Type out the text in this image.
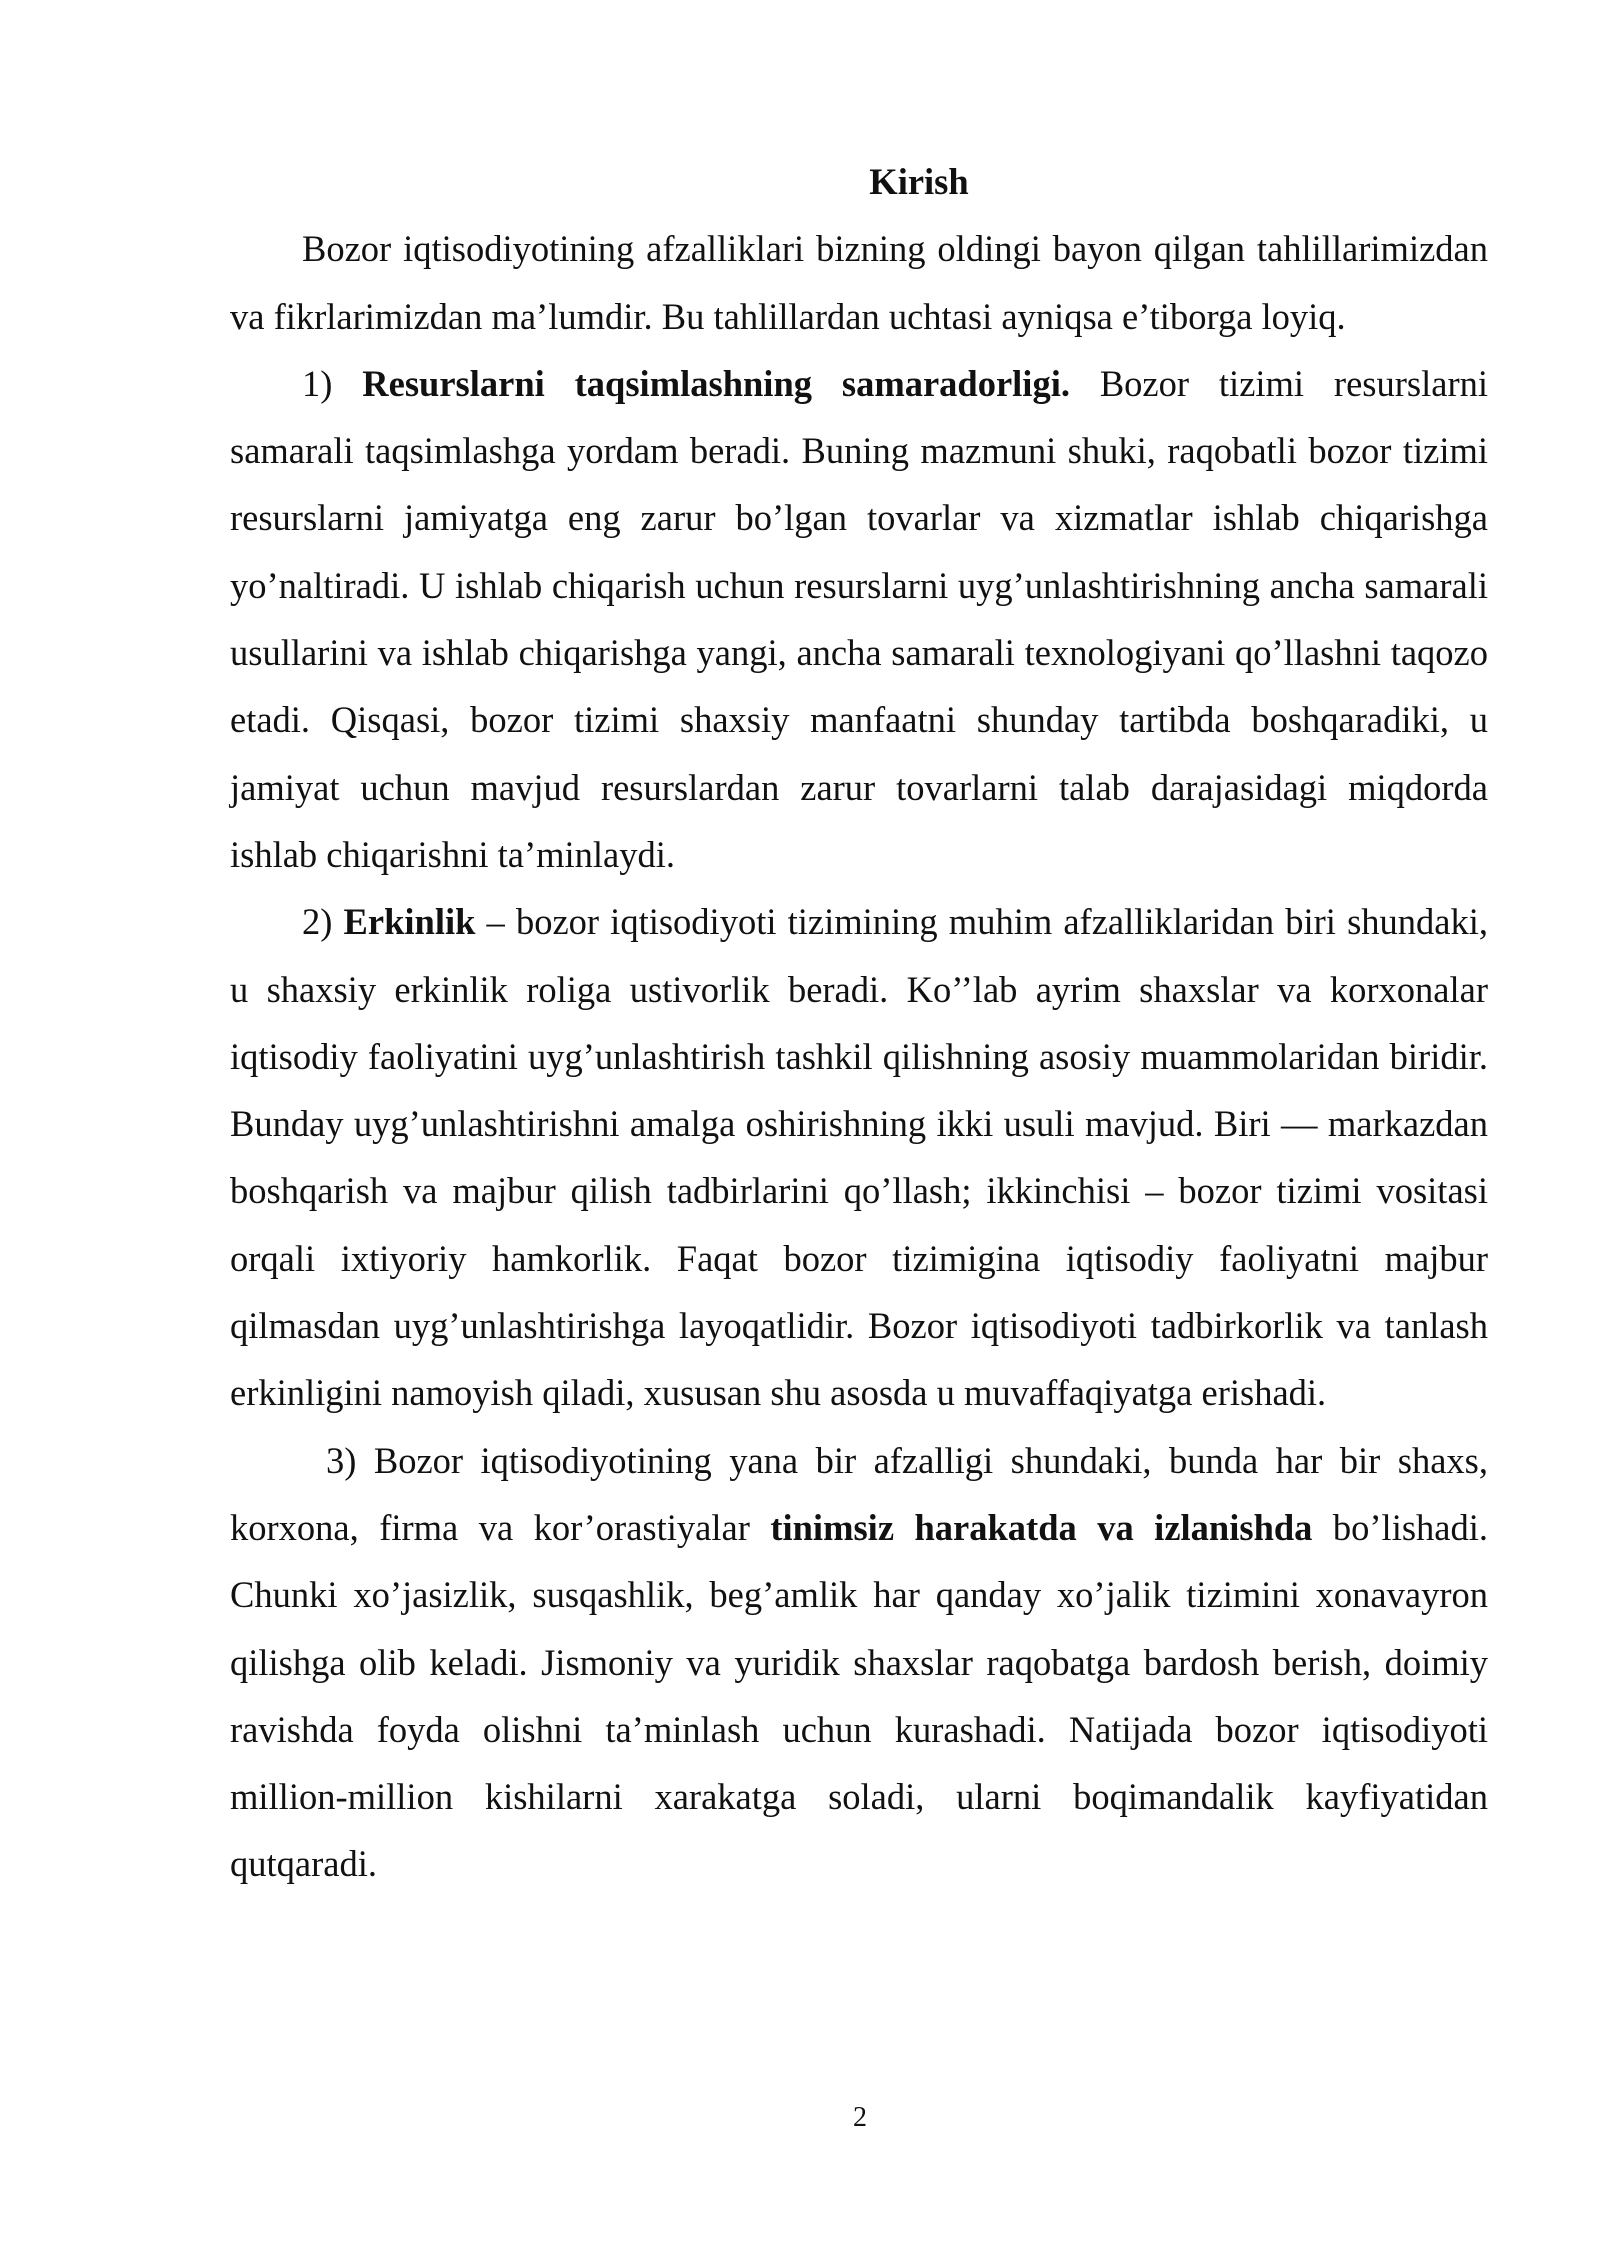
Kirish

Bozor iqtisodiyotining afzalliklari bizning oldingi bayon qilgan tahlillarimizdan va fikrlarimizdan ma’lumdir. Bu tahlillardan uchtasi ayniqsa e’tiborga loyiq.

1) Resurslarni taqsimlashning samaradorligi. Bozor tizimi resurslarni samarali taqsimlashga yordam beradi. Buning mazmuni shuki, raqobatli bozor tizimi resurslarni jamiyatga eng zarur bo’lgan tovarlar va xizmatlar ishlab chiqarishga yo’naltiradi. U ishlab chiqarish uchun resurslarni uyg’unlashtirishning ancha samarali usullarini va ishlab chiqarishga yangi, ancha samarali texnologiyani qo’llashni taqozo etadi. Qisqasi, bozor tizimi shaxsiy manfaatni shunday tartibda boshqaradiki, u jamiyat uchun mavjud resurslardan zarur tovarlarni talab darajasidagi miqdorda ishlab chiqarishni ta’minlaydi.

2) Erkinlik – bozor iqtisodiyoti tizimining muhim afzalliklaridan biri shundaki, u shaxsiy erkinlik roliga ustivorlik beradi. Ko’’lab ayrim shaxslar va korxonalar iqtisodiy faoliyatini uyg’unlashtirish tashkil qilishning asosiy muammolaridan biridir. Bunday uyg’unlashtirishni amalga oshirishning ikki usuli mavjud. Biri — markazdan boshqarish va majbur qilish tadbirlarini qo’llash; ikkinchisi – bozor tizimi vositasi orqali ixtiyoriy hamkorlik. Faqat bozor tizimigina iqtisodiy faoliyatni majbur qilmasdan uyg’unlashtirishga layoqatlidir. Bozor iqtisodiyoti tadbirkorlik va tanlash erkinligini namoyish qiladi, xususan shu asosda u muvaffaqiyatga erishadi.

3) Bozor iqtisodiyotining yana bir afzalligi shundaki, bunda har bir shaxs, korxona, firma va kor’orastiyalar tinimsiz harakatda va izlanishda bo’lishadi. Chunki xo’jasizlik, susqashlik, beg’amlik har qanday xo’jalik tizimini xonavayron qilishga olib keladi. Jismoniy va yuridik shaxslar raqobatga bardosh berish, doimiy ravishda foyda olishni ta’minlash uchun kurashadi. Natijada bozor iqtisodiyoti million-million kishilarni xarakatga soladi, ularni boqimandalik kayfiyatidan qutqaradi.

2
